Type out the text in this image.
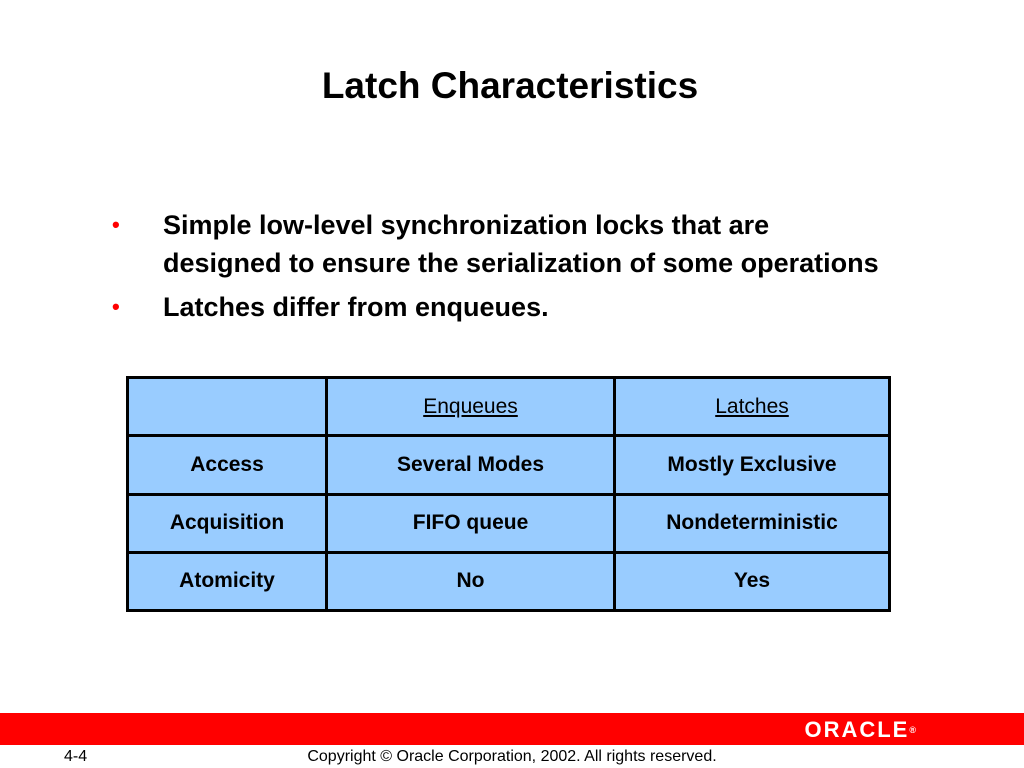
Latch Characteristics
• Simple low-level synchronization locks that are designed to ensure the serialization of some operations
• Latches differ from enqueues.
	Enqueues	Latches
Access	Several Modes	Mostly Exclusive
Acquisition	FIFO queue	Nondeterministic
Atomicity	No	Yes
ORACLE®
4-4	Copyright © Oracle Corporation, 2002. All rights reserved.
